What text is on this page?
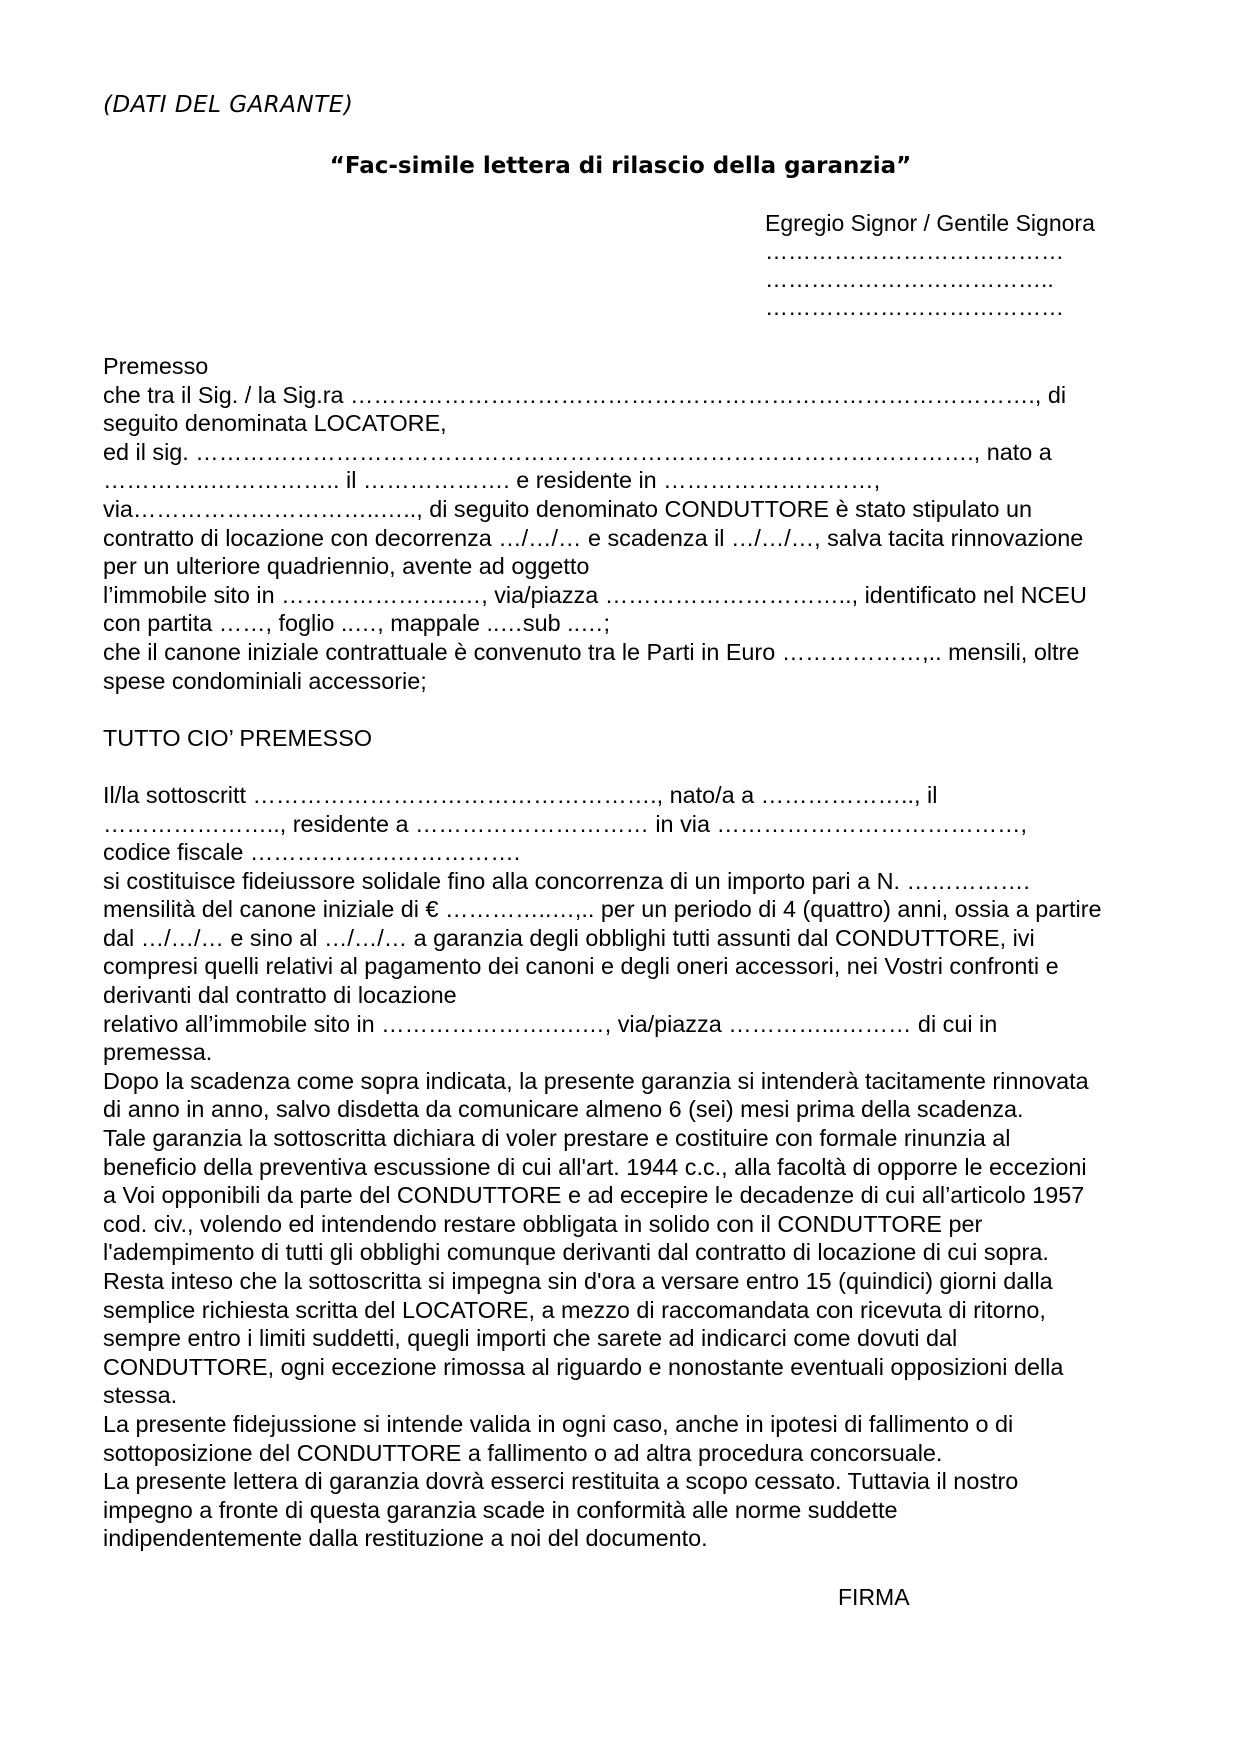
(DATI DEL GARANTE)
“Fac-simile lettera di rilascio della garanzia”
Egregio Signor / Gentile Signora
…………………………………
………………………………..
…………………………………
Premesso
che tra il Sig. / la Sig.ra ……………………………………………………………………………., di
seguito denominata LOCATORE,
ed il sig. ………………………………………………………………………………………., nato a
…………..…………….. il ………………. e residente in ………………………,
via…………………………..….., di seguito denominato CONDUTTORE è stato stipulato un
contratto di locazione con decorrenza …/…/… e scadenza il …/…/…, salva tacita rinnovazione
per un ulteriore quadriennio, avente ad oggetto
l’immobile sito in …………………..…, via/piazza ………………………….., identificato nel NCEU
con partita ……, foglio ..…, mappale ..…sub ..…;
che il canone iniziale contrattuale è convenuto tra le Parti in Euro ………………,.. mensili, oltre
spese condominiali accessorie;
TUTTO CIO’ PREMESSO
Il/la sottoscritt ……………………………………………., nato/a a ……………….., il
………………….., residente a ………………………… in via …………………………………,
codice fiscale ……………….…………….
si costituisce fideiussore solidale fino alla concorrenza di un importo pari a N. …………….
mensilità del canone iniziale di € …………..…,.. per un periodo di 4 (quattro) anni, ossia a partire
dal …/…/… e sino al …/…/… a garanzia degli obblighi tutti assunti dal CONDUTTORE, ivi
compresi quelli relativi al pagamento dei canoni e degli oneri accessori, nei Vostri confronti e
derivanti dal contratto di locazione
relativo all’immobile sito in ………………….….…, via/piazza …………...……… di cui in
premessa.
Dopo la scadenza come sopra indicata, la presente garanzia si intenderà tacitamente rinnovata
di anno in anno, salvo disdetta da comunicare almeno 6 (sei) mesi prima della scadenza.
Tale garanzia la sottoscritta dichiara di voler prestare e costituire con formale rinunzia al
beneficio della preventiva escussione di cui all'art. 1944 c.c., alla facoltà di opporre le eccezioni
a Voi opponibili da parte del CONDUTTORE e ad eccepire le decadenze di cui all’articolo 1957
cod. civ., volendo ed intendendo restare obbligata in solido con il CONDUTTORE per
l'adempimento di tutti gli obblighi comunque derivanti dal contratto di locazione di cui sopra.
Resta inteso che la sottoscritta si impegna sin d'ora a versare entro 15 (quindici) giorni dalla
semplice richiesta scritta del LOCATORE, a mezzo di raccomandata con ricevuta di ritorno,
sempre entro i limiti suddetti, quegli importi che sarete ad indicarci come dovuti dal
CONDUTTORE, ogni eccezione rimossa al riguardo e nonostante eventuali opposizioni della
stessa.
La presente fidejussione si intende valida in ogni caso, anche in ipotesi di fallimento o di
sottoposizione del CONDUTTORE a fallimento o ad altra procedura concorsuale.
La presente lettera di garanzia dovrà esserci restituita a scopo cessato. Tuttavia il nostro
impegno a fronte di questa garanzia scade in conformità alle norme suddette
indipendentemente dalla restituzione a noi del documento.
FIRMA
